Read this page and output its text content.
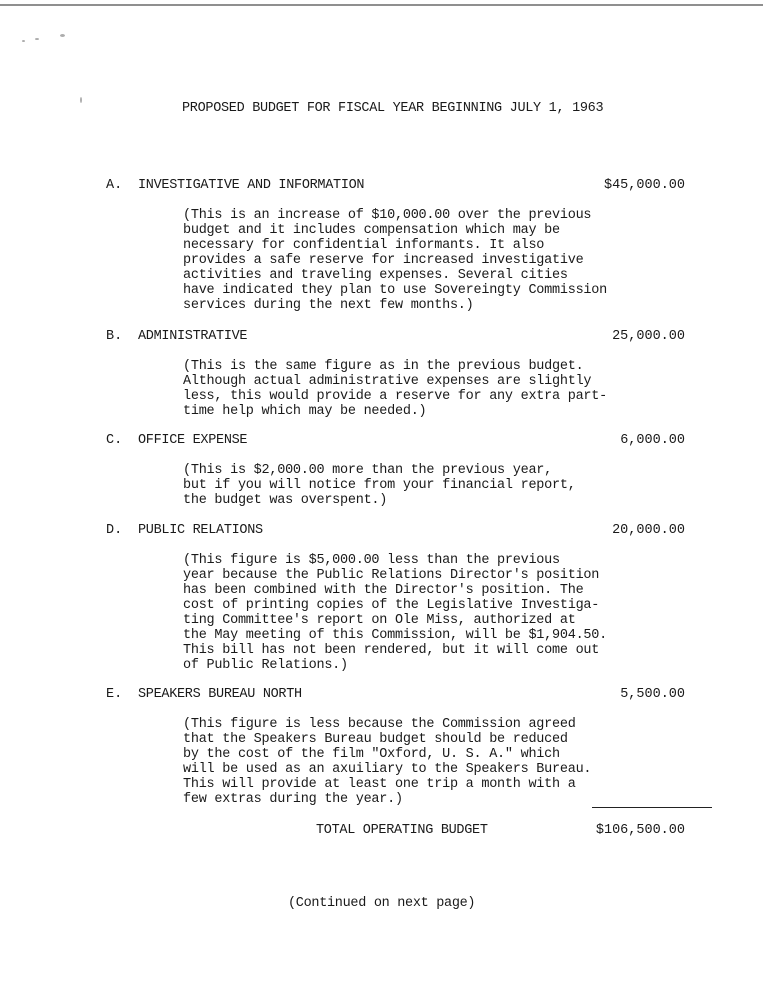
PROPOSED BUDGET FOR FISCAL YEAR BEGINNING JULY 1, 1963
A. INVESTIGATIVE AND INFORMATION	$45,000.00
(This is an increase of $10,000.00 over the previous
budget and it includes compensation which may be
necessary for confidential informants. It also
provides a safe reserve for increased investigative
activities and traveling expenses. Several cities
have indicated they plan to use Sovereingty Commission
services during the next few months.)
B. ADMINISTRATIVE	25,000.00
(This is the same figure as in the previous budget.
Although actual administrative expenses are slightly
less, this would provide a reserve for any extra part-
time help which may be needed.)
C. OFFICE EXPENSE	6,000.00
(This is $2,000.00 more than the previous year,
but if you will notice from your financial report,
the budget was overspent.)
D. PUBLIC RELATIONS	20,000.00
(This figure is $5,000.00 less than the previous
year because the Public Relations Director's position
has been combined with the Director's position. The
cost of printing copies of the Legislative Investiga-
ting Committee's report on Ole Miss, authorized at
the May meeting of this Commission, will be $1,904.50.
This bill has not been rendered, but it will come out
of Public Relations.)
E. SPEAKERS BUREAU NORTH	5,500.00
(This figure is less because the Commission agreed
that the Speakers Bureau budget should be reduced
by the cost of the film "Oxford, U. S. A." which
will be used as an axuiliary to the Speakers Bureau.
This will provide at least one trip a month with a
few extras during the year.)
TOTAL OPERATING BUDGET	$106,500.00
(Continued on next page)
